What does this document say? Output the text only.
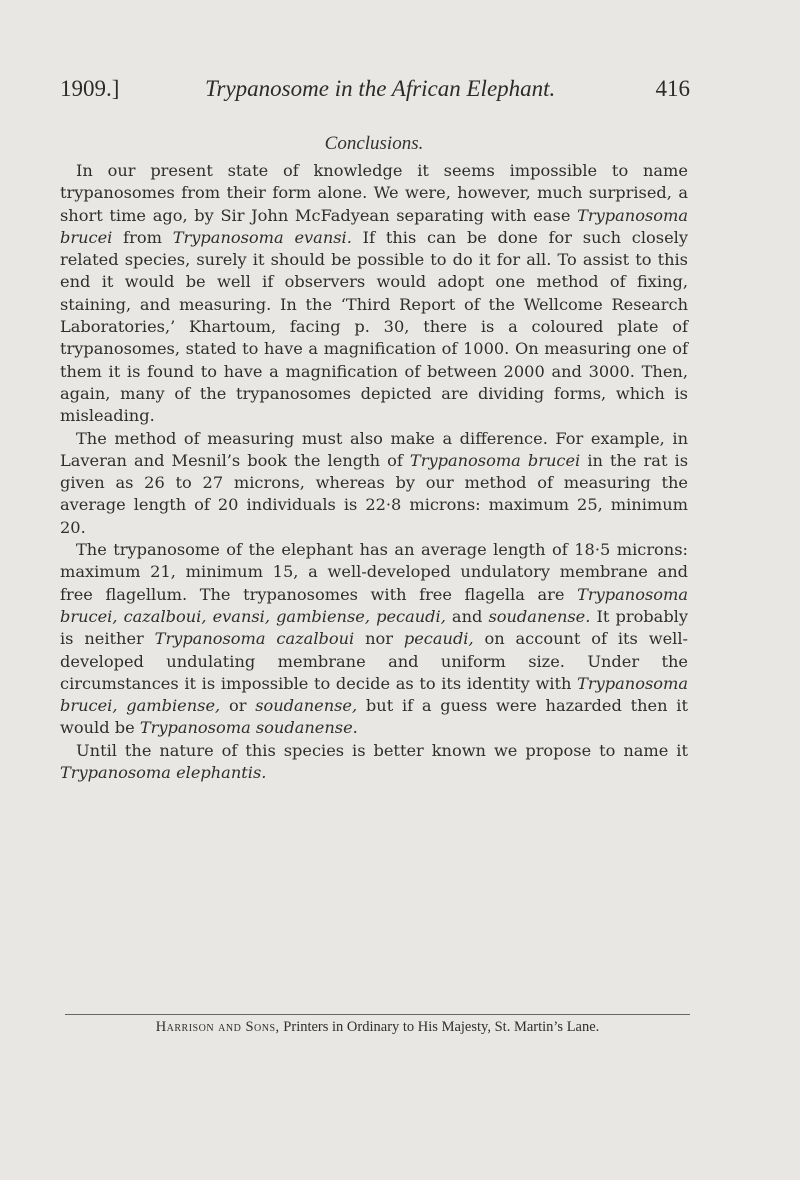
1909.]	Trypanosome in the African Elephant.	416
Conclusions.

In our present state of knowledge it seems impossible to name trypanosomes from their form alone. We were, however, much surprised, a short time ago, by Sir John McFadyean separating with ease Trypanosoma brucei from Trypanosoma evansi. If this can be done for such closely related species, surely it should be possible to do it for all. To assist to this end it would be well if observers would adopt one method of fixing, staining, and measuring. In the ‘Third Report of the Wellcome Research Laboratories,’ Khartoum, facing p. 30, there is a coloured plate of trypanosomes, stated to have a magnification of 1000. On measuring one of them it is found to have a magnification of between 2000 and 3000. Then, again, many of the trypanosomes depicted are dividing forms, which is misleading.

The method of measuring must also make a difference. For example, in Laveran and Mesnil’s book the length of Trypanosoma brucei in the rat is given as 26 to 27 microns, whereas by our method of measuring the average length of 20 individuals is 22·8 microns: maximum 25, minimum 20.

The trypanosome of the elephant has an average length of 18·5 microns: maximum 21, minimum 15, a well-developed undulatory membrane and free flagellum. The trypanosomes with free flagella are Trypanosoma brucei, cazalboui, evansi, gambiense, pecaudi, and soudanense. It probably is neither Trypanosoma cazalboui nor pecaudi, on account of its well-developed undulating membrane and uniform size. Under the circumstances it is impossible to decide as to its identity with Trypanosoma brucei, gambiense, or soudanense, but if a guess were hazarded then it would be Trypanosoma soudanense.

Until the nature of this species is better known we propose to name it Trypanosoma elephantis.

Harrison and Sons, Printers in Ordinary to His Majesty, St. Martin’s Lane.
